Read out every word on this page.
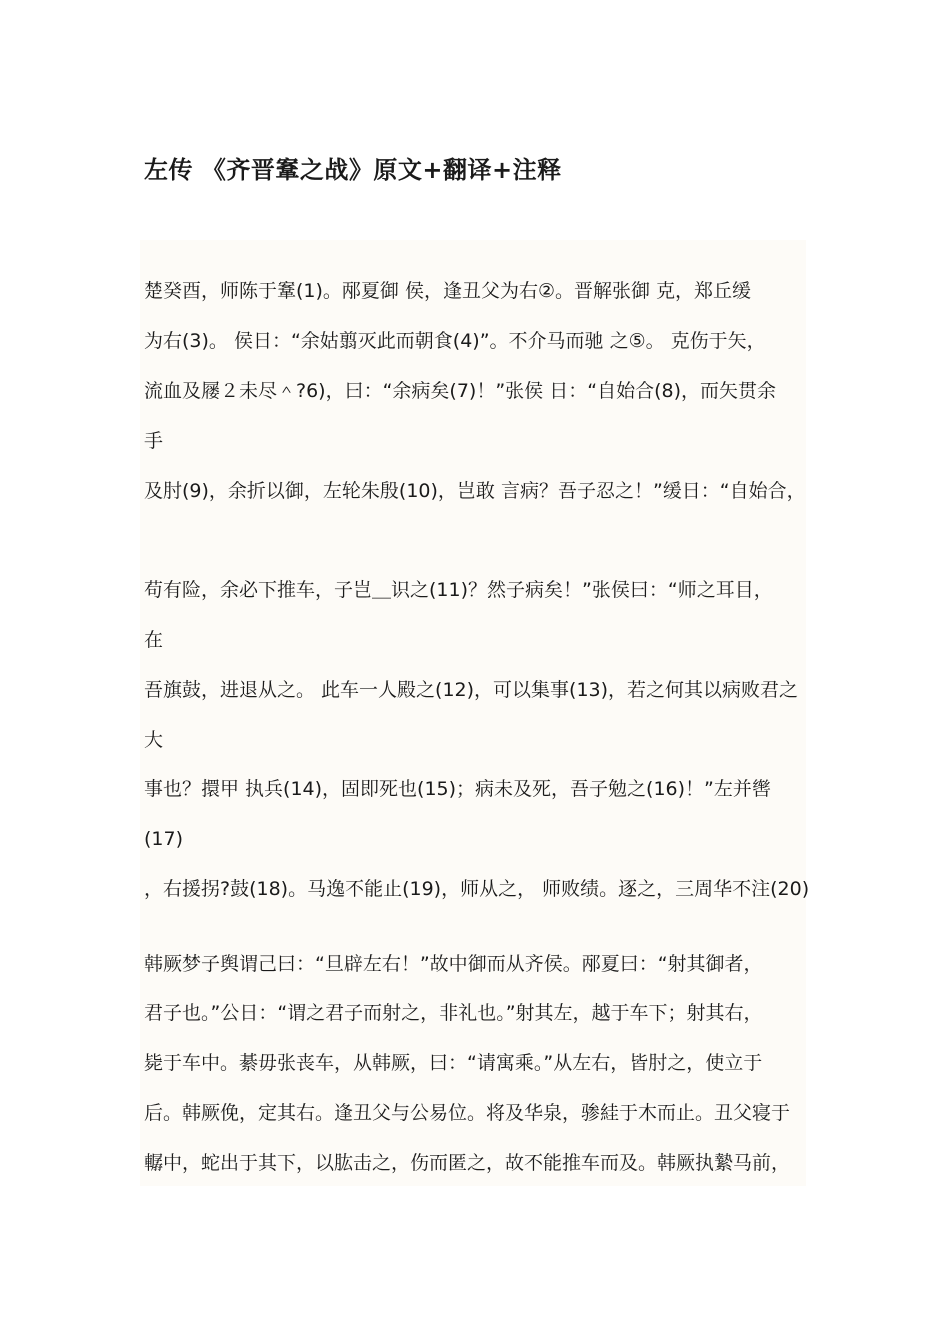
左传 《齐晋鞌之战》原文+翻译+注释
楚癸酉，师陈于鞌(1)。邴夏御 侯，逢丑父为右②。晋解张御 克，郑丘缓
为右(3)。 侯日：“余姑翦灭此而朝食(4)”。不介马而驰 之⑤。 克伤于矢，
流血及屦２未尽＾?6)，曰：“余病矣(7)！”张侯 日：“自始合(8)，而矢贯余
手
及肘(9)，余折以御，左轮朱殷(10)，岂敢 言病？吾子忍之！”缓日：“自始合，
苟有险，余必下推车，子岂＿识之(11)？然子病矣！”张侯曰：“师之耳目，
在
吾旗鼓，进退从之。 此车一人殿之(12)，可以集事(13)，若之何其以病败君之
大
事也？擐甲 执兵(14)，固即死也(15)；病未及死，吾子勉之(16)！”左并辔
(17)
，右援拐?鼓(18)。马逸不能止(19)，师从之， 师败绩。逐之，三周华不注(20)
韩厥梦子舆谓己曰：“旦辟左右！”故中御而从齐侯。邴夏曰：“射其御者，
君子也。”公日：“谓之君子而射之，非礼也。”射其左，越于车下；射其右，
毙于车中。綦毋张丧车，从韩厥，曰：“请寓乘。”从左右，皆肘之，使立于
后。韩厥俛，定其右。逢丑父与公易位。将及华泉，骖絓于木而止。丑父寝于
轏中，蛇出于其下，以肱击之，伤而匿之，故不能推车而及。韩厥执縶马前，
